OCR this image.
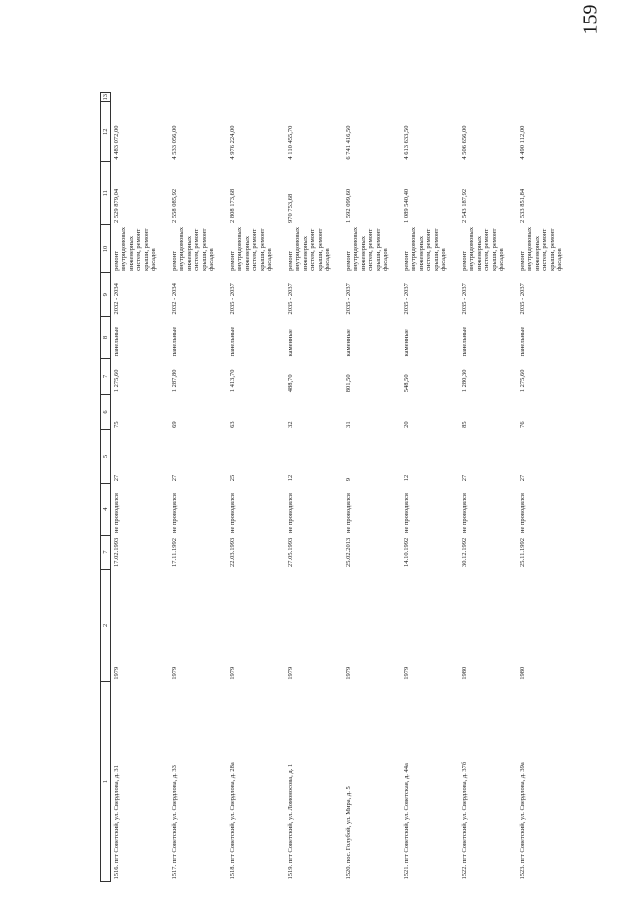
159
1	2	7	4	5	6	7	8	9	10	11	12	13
1516. пгт Советский, ул. Свердлова, д. 31	1979	17.02.1993	не проводился	27	75	1 275,60	панельные	2032 - 2034	ремонт внутридомовых инженерных систем, ремонт крыши, ремонт фасадов	2 529 879,04	4 483 072,00	
1517. пгт Советский, ул. Свердлова, д. 33	1979	17.11.1992	не проводился	27	69	1 287,80	панельные	2032 - 2034	ремонт внутридомовых инженерных систем, ремонт крыши, ремонт фасадов	2 558 085,92	4 533 056,00	
1518. пгт Советский, ул. Свердлова, д. 28а	1979	22.03.1993	не проводился	25	63	1 413,70	панельные	2035 - 2037	ремонт внутридомовых инженерных систем, ремонт крыши, ремонт фасадов	2 808 173,68	4 976 224,00	
1519. пгт Советский, ул. Ломоносова, д. 1	1979	27.05.1993	не проводился	12	32	488,70	каменные	2035 - 2037	ремонт внутридомовых инженерных систем, ремонт крыши, ремонт фасадов	970 753,68	4 110 455,70	
1520. пос. Голубой, ул. Мира, д. 5	1979	25.02.2013	не проводился	9	31	801,50	каменные	2035 - 2037	ремонт внутридомовых инженерных систем, ремонт крыши, ремонт фасадов	1 592 099,60	6 741 416,50	
1521. пгт Советский, ул. Советская, д. 44а	1979	14.10.1992	не проводился	12	20	548,50	каменные	2035 - 2037	ремонт внутридомовых инженерных систем, ремонт крыши, ремонт фасадов	1 089 540,40	4 613 633,50	
1522. пгт Советский, ул. Свердлова, д. 37б	1980	30.12.1992	не проводился	27	85	1 280,30	панельные	2035 - 2037	ремонт внутридомовых инженерных систем, ремонт крыши, ремонт фасадов	2 543 187,92	4 506 656,00	
1523. пгт Советский, ул. Свердлова, д. 39а	1980	25.11.1992	не проводился	27	76	1 275,60	панельные	2035 - 2037	ремонт внутридомовых инженерных систем, ремонт крыши, ремонт фасадов	2 533 851,84	4 490 112,00	
